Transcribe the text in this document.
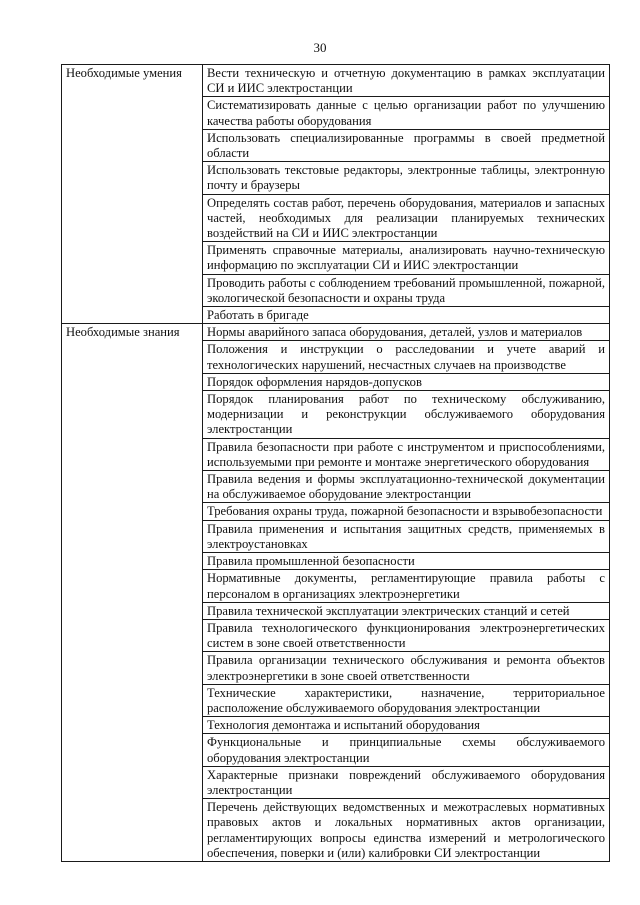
30
Необходимые умения	Вести техническую и отчетную документацию в рамках эксплуатации СИ и ИИС электростанции
	Систематизировать данные с целью организации работ по улучшению качества работы оборудования
	Использовать специализированные программы в своей предметной области
	Использовать текстовые редакторы, электронные таблицы, электронную почту и браузеры
	Определять состав работ, перечень оборудования, материалов и запасных частей, необходимых для реализации планируемых технических воздействий на СИ и ИИС электростанции
	Применять справочные материалы, анализировать научно-техническую информацию по эксплуатации СИ и ИИС электростанции
	Проводить работы с соблюдением требований промышленной, пожарной, экологической безопасности и охраны труда
	Работать в бригаде
Необходимые знания	Нормы аварийного запаса оборудования, деталей, узлов и материалов
	Положения и инструкции о расследовании и учете аварий и технологических нарушений, несчастных случаев на производстве
	Порядок оформления нарядов-допусков
	Порядок планирования работ по техническому обслуживанию, модернизации и реконструкции обслуживаемого оборудования электростанции
	Правила безопасности при работе с инструментом и приспособлениями, используемыми при ремонте и монтаже энергетического оборудования
	Правила ведения и формы эксплуатационно-технической документации на обслуживаемое оборудование электростанции
	Требования охраны труда, пожарной безопасности и взрывобезопасности
	Правила применения и испытания защитных средств, применяемых в электроустановках
	Правила промышленной безопасности
	Нормативные документы, регламентирующие правила работы с персоналом в организациях электроэнергетики
	Правила технической эксплуатации электрических станций и сетей
	Правила технологического функционирования электроэнергетических систем в зоне своей ответственности
	Правила организации технического обслуживания и ремонта объектов электроэнергетики в зоне своей ответственности
	Технические характеристики, назначение, территориальное расположение обслуживаемого оборудования электростанции
	Технология демонтажа и испытаний оборудования
	Функциональные и принципиальные схемы обслуживаемого оборудования электростанции
	Характерные признаки повреждений обслуживаемого оборудования электростанции
	Перечень действующих ведомственных и межотраслевых нормативных правовых актов и локальных нормативных актов организации, регламентирующих вопросы единства измерений и метрологического обеспечения, поверки и (или) калибровки СИ электростанции
